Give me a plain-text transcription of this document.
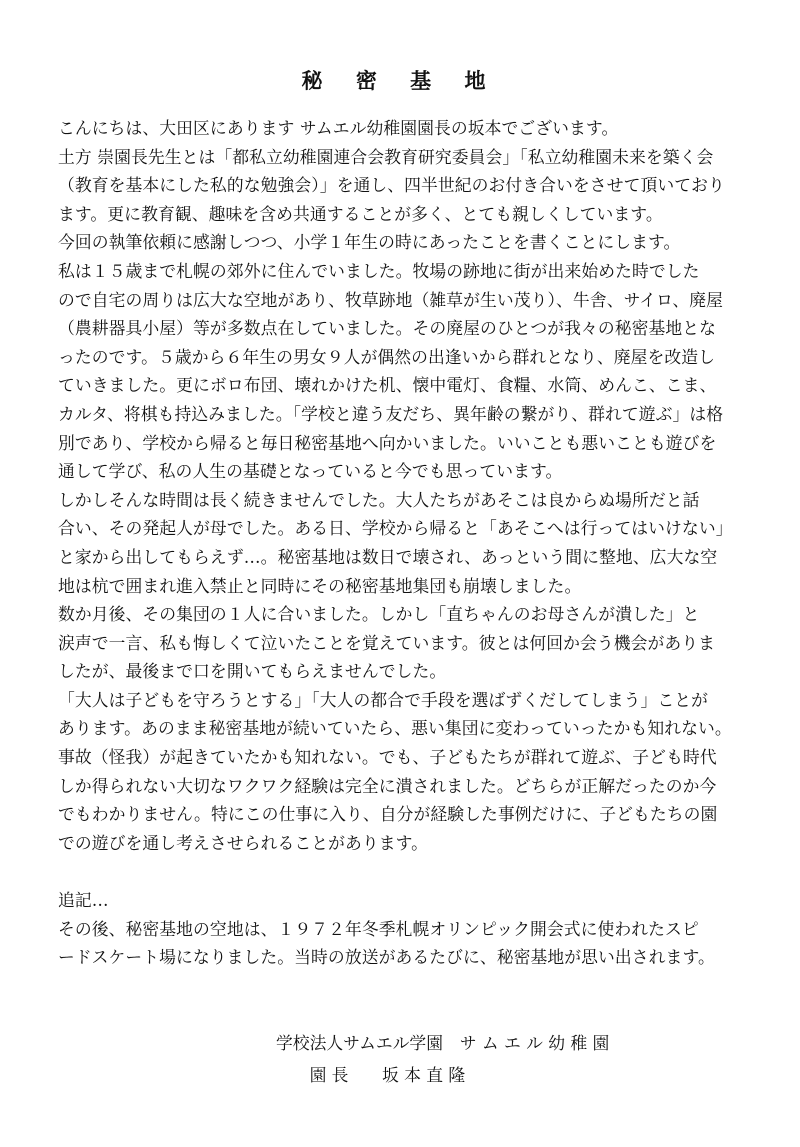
秘 密 基 地
こんにちは、大田区にあります サムエル幼稚園園長の坂本でございます。
土方 崇園長先生とは「都私立幼稚園連合会教育研究委員会」「私立幼稚園未来を築く会
（教育を基本にした私的な勉強会）」を通し、四半世紀のお付き合いをさせて頂いており
ます。更に教育観、趣味を含め共通することが多く、とても親しくしています。
今回の執筆依頼に感謝しつつ、小学１年生の時にあったことを書くことにします。
私は１５歳まで札幌の郊外に住んでいました。牧場の跡地に街が出来始めた時でした
ので自宅の周りは広大な空地があり、牧草跡地（雑草が生い茂り）、牛舎、サイロ、廃屋
（農耕器具小屋）等が多数点在していました。その廃屋のひとつが我々の秘密基地とな
ったのです。５歳から６年生の男女９人が偶然の出逢いから群れとなり、廃屋を改造し
ていきました。更にボロ布団、壊れかけた机、懐中電灯、食糧、水筒、めんこ、こま、
カルタ、将棋も持込みました。「学校と違う友だち、異年齢の繋がり、群れて遊ぶ」は格
別であり、学校から帰ると毎日秘密基地へ向かいました。いいことも悪いことも遊びを
通して学び、私の人生の基礎となっていると今でも思っています。
しかしそんな時間は長く続きませんでした。大人たちがあそこは良からぬ場所だと話
合い、その発起人が母でした。ある日、学校から帰ると「あそこへは行ってはいけない」
と家から出してもらえず…。秘密基地は数日で壊され、あっという間に整地、広大な空
地は杭で囲まれ進入禁止と同時にその秘密基地集団も崩壊しました。
数か月後、その集団の１人に合いました。しかし「直ちゃんのお母さんが潰した」と
涙声で一言、私も悔しくて泣いたことを覚えています。彼とは何回か会う機会がありま
したが、最後まで口を開いてもらえませんでした。
「大人は子どもを守ろうとする」「大人の都合で手段を選ばずくだしてしまう」ことが
あります。あのまま秘密基地が続いていたら、悪い集団に変わっていったかも知れない。
事故（怪我）が起きていたかも知れない。でも、子どもたちが群れて遊ぶ、子ども時代
しか得られない大切なワクワク経験は完全に潰されました。どちらが正解だったのか今
でもわかりません。特にこの仕事に入り、自分が経験した事例だけに、子どもたちの園
での遊びを通し考えさせられることがあります。
追記…
その後、秘密基地の空地は、１９７２年冬季札幌オリンピック開会式に使われたスピ
ードスケート場になりました。当時の放送があるたびに、秘密基地が思い出されます。
学校法人サムエル学園　サ ム エ ル 幼 稚 園
　　園 長　　坂 本 直 隆
